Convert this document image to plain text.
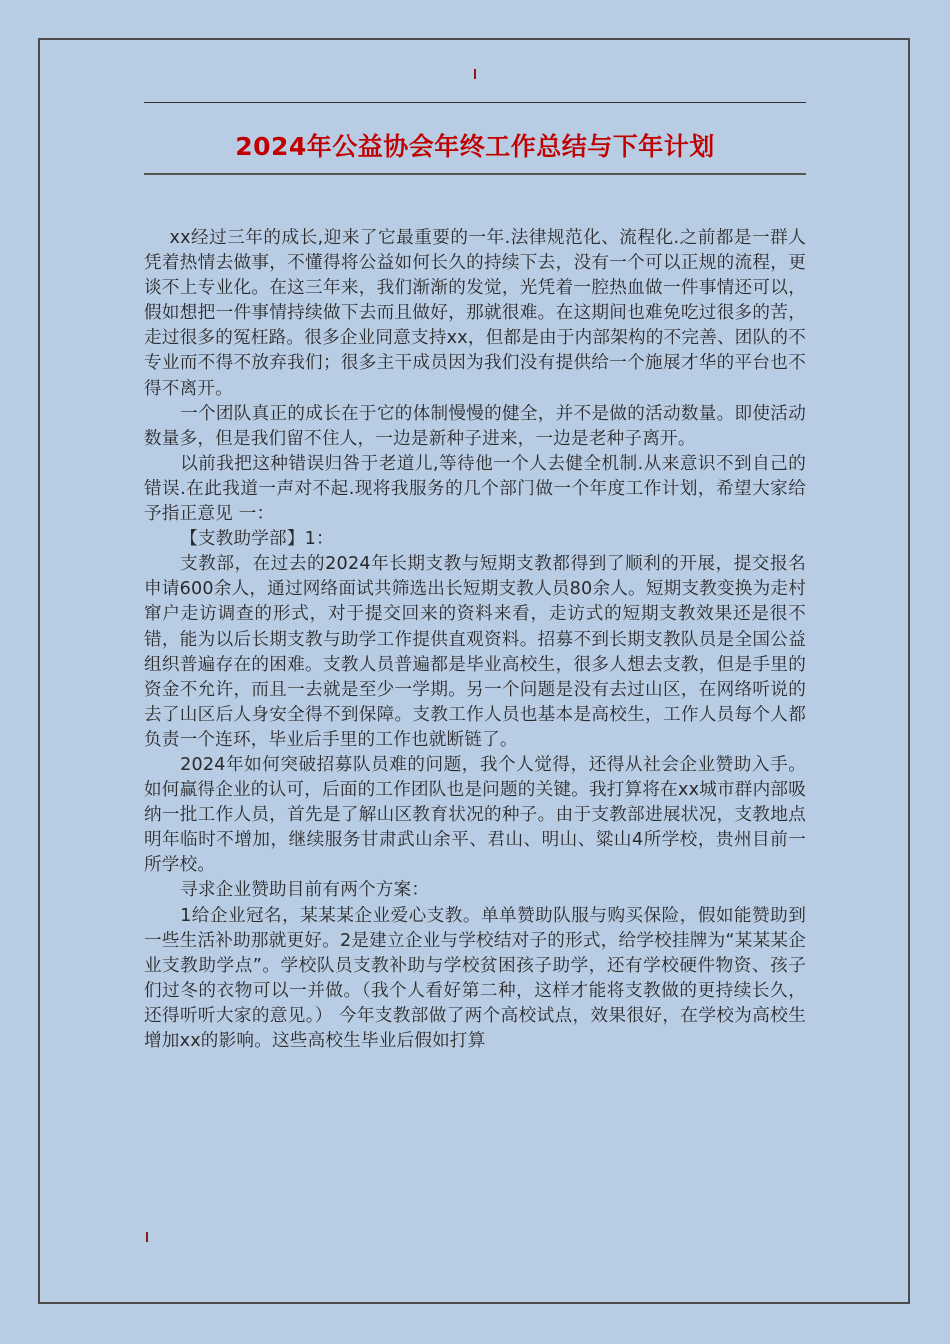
2024年公益协会年终工作总结与下年计划

xx经过三年的成长,迎来了它最重要的一年.法律规范化、流程化.之前都是一群人凭着热情去做事，不懂得将公益如何长久的持续下去，没有一个可以正规的流程，更谈不上专业化。在这三年来，我们渐渐的发觉，光凭着一腔热血做一件事情还可以，假如想把一件事情持续做下去而且做好，那就很难。在这期间也难免吃过很多的苦，走过很多的冤枉路。很多企业同意支持xx，但都是由于内部架构的不完善、团队的不专业而不得不放弃我们；很多主干成员因为我们没有提供给一个施展才华的平台也不得不离开。

一个团队真正的成长在于它的体制慢慢的健全，并不是做的活动数量。即使活动数量多，但是我们留不住人，一边是新种子进来，一边是老种子离开。

以前我把这种错误归咎于老道儿,等待他一个人去健全机制.从来意识不到自己的错误.在此我道一声对不起.现将我服务的几个部门做一个年度工作计划，希望大家给予指正意见 一：

【支教助学部】1：

支教部，在过去的2024年长期支教与短期支教都得到了顺利的开展，提交报名申请600余人，通过网络面试共筛选出长短期支教人员80余人。短期支教变换为走村窜户走访调查的形式，对于提交回来的资料来看，走访式的短期支教效果还是很不错，能为以后长期支教与助学工作提供直观资料。招募不到长期支教队员是全国公益组织普遍存在的困难。支教人员普遍都是毕业高校生，很多人想去支教，但是手里的资金不允许，而且一去就是至少一学期。另一个问题是没有去过山区，在网络听说的去了山区后人身安全得不到保障。支教工作人员也基本是高校生，工作人员每个人都负责一个连环，毕业后手里的工作也就断链了。

2024年如何突破招募队员难的问题，我个人觉得，还得从社会企业赞助入手。如何赢得企业的认可，后面的工作团队也是问题的关键。我打算将在xx城市群内部吸纳一批工作人员，首先是了解山区教育状况的种子。由于支教部进展状况，支教地点明年临时不增加，继续服务甘肃武山余平、君山、明山、粱山4所学校，贵州目前一所学校。

寻求企业赞助目前有两个方案：

1给企业冠名，某某某企业爱心支教。单单赞助队服与购买保险，假如能赞助到一些生活补助那就更好。2是建立企业与学校结对子的形式，给学校挂牌为“某某某企业支教助学点”。学校队员支教补助与学校贫困孩子助学，还有学校硬件物资、孩子们过冬的衣物可以一并做。（我个人看好第二种，这样才能将支教做的更持续长久，还得听听大家的意见。） 今年支教部做了两个高校试点，效果很好，在学校为高校生增加xx的影响。这些高校生毕业后假如打算
